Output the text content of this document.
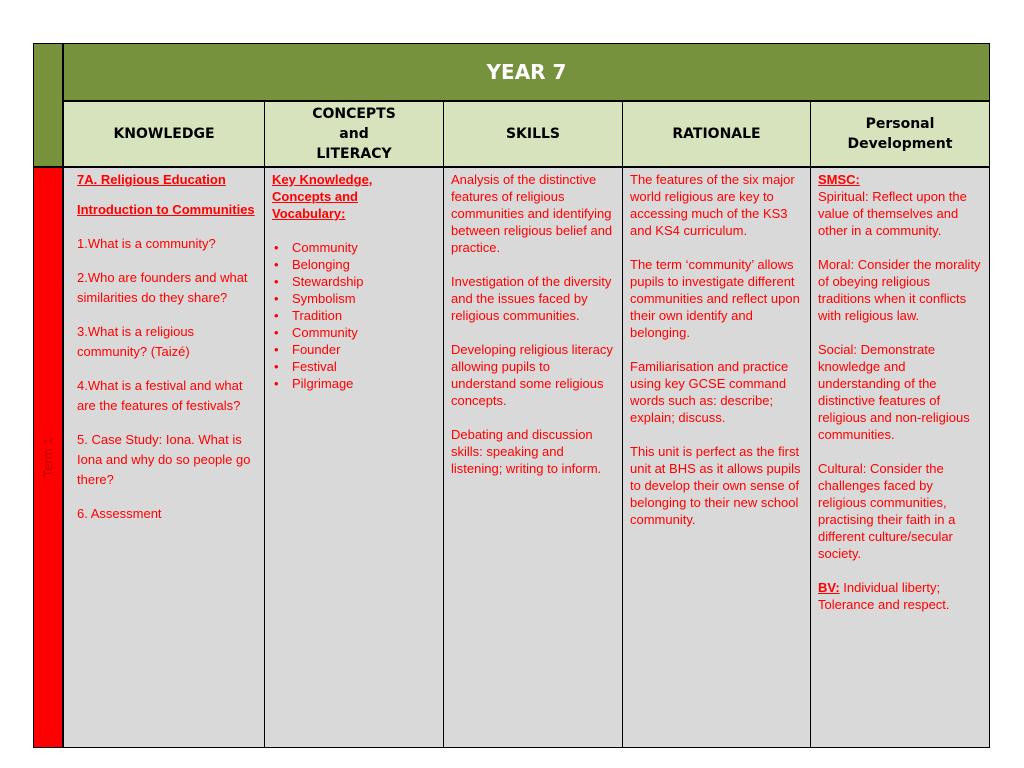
Term 1
YEAR 7
KNOWLEDGE
CONCEPTS and LITERACY
SKILLS	RATIONALE
Personal Development

7A. Religious Education

Introduction to Communities

1.What is a community?

2.Who are founders and what similarities do they share?

3.What is a religious community? (Taizé)

4.What is a festival and what are the features of festivals?

5. Case Study: Iona. What is Iona and why do so people go there?

6. Assessment

Key Knowledge, Concepts and Vocabulary:

• Community
• Belonging
• Stewardship
• Symbolism
• Tradition
• Community
• Founder
• Festival
• Pilgrimage

Analysis of the distinctive features of religious communities and identifying between religious belief and practice.

Investigation of the diversity and the issues faced by religious communities.

Developing religious literacy allowing pupils to understand some religious concepts.

Debating and discussion skills: speaking and listening; writing to inform.

The features of the six major world religious are key to accessing much of the KS3 and KS4 curriculum.

The term ‘community’ allows pupils to investigate different communities and reflect upon their own identify and belonging.

Familiarisation and practice using key GCSE command words such as: describe; explain; discuss.

This unit is perfect as the first unit at BHS as it allows pupils to develop their own sense of belonging to their new school community.

SMSC:

Spiritual: Reflect upon the value of themselves and other in a community.

Moral: Consider the morality of obeying religious traditions when it conflicts with religious law.

Social: Demonstrate knowledge and understanding of the distinctive features of religious and non-religious communities.

Cultural: Consider the challenges faced by religious communities, practising their faith in a different culture/secular society.

BV: Individual liberty; Tolerance and respect.
